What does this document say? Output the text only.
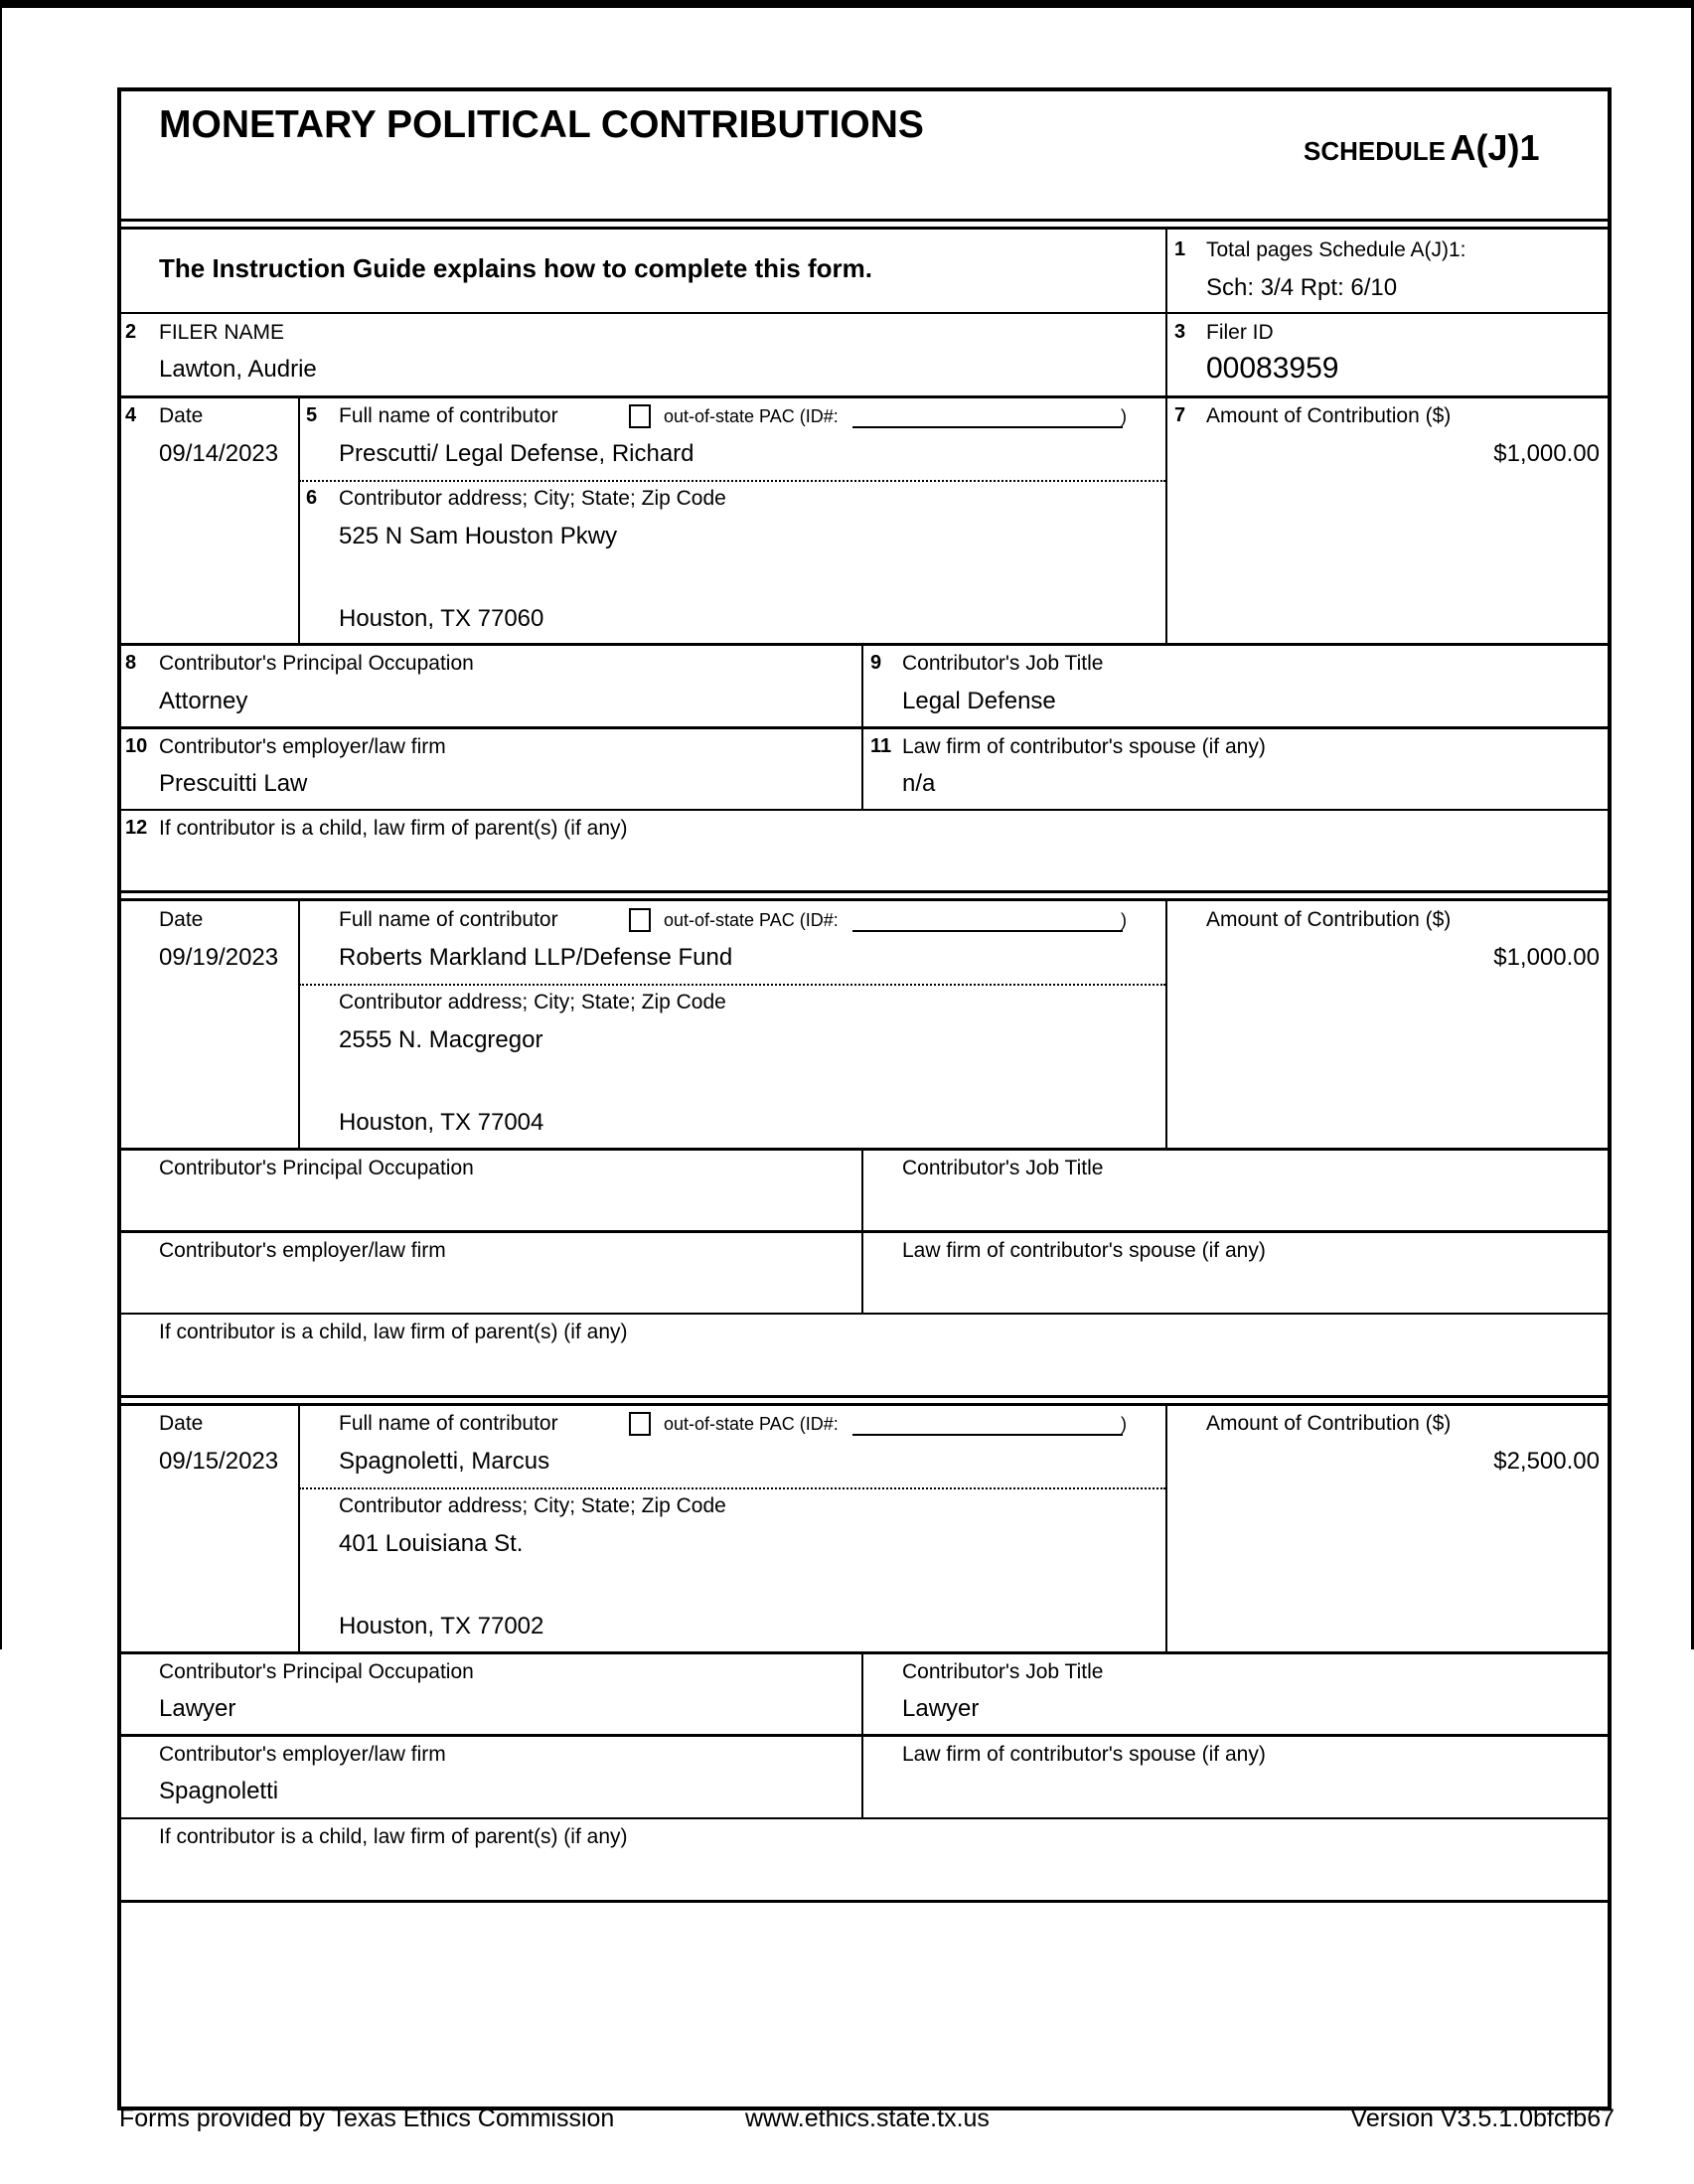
MONETARY POLITICAL CONTRIBUTIONS
SCHEDULE A(J)1
The Instruction Guide explains how to complete this form.
1 Total pages Schedule A(J)1:
Sch: 3/4 Rpt: 6/10
2 FILER NAME
Lawton, Audrie
3 Filer ID
00083959
4 Date
09/14/2023
5 Full name of contributor	out-of-state PAC (ID#:	)
Prescutti/ Legal Defense, Richard
6 Contributor address; City; State; Zip Code
525 N Sam Houston Pkwy
Houston, TX 77060
7 Amount of Contribution ($)
$1,000.00
8 Contributor's Principal Occupation
Attorney
9 Contributor's Job Title
Legal Defense
10 Contributor's employer/law firm
Prescuitti Law
11 Law firm of contributor's spouse (if any)
n/a
12 If contributor is a child, law firm of parent(s) (if any)
Date
09/19/2023
Full name of contributor	out-of-state PAC (ID#:	)
Roberts Markland LLP/Defense Fund
Contributor address; City; State; Zip Code
2555 N. Macgregor
Houston, TX 77004
Amount of Contribution ($)
$1,000.00
Contributor's Principal Occupation	Contributor's Job Title
Contributor's employer/law firm	Law firm of contributor's spouse (if any)
If contributor is a child, law firm of parent(s) (if any)
Date
09/15/2023
Full name of contributor	out-of-state PAC (ID#:	)
Spagnoletti, Marcus
Contributor address; City; State; Zip Code
401 Louisiana St.
Houston, TX 77002
Amount of Contribution ($)
$2,500.00
Contributor's Principal Occupation
Lawyer
Contributor's Job Title
Lawyer
Contributor's employer/law firm
Spagnoletti
Law firm of contributor's spouse (if any)
If contributor is a child, law firm of parent(s) (if any)
Forms provided by Texas Ethics Commission	www.ethics.state.tx.us	Version V3.5.1.0bfcfb67
